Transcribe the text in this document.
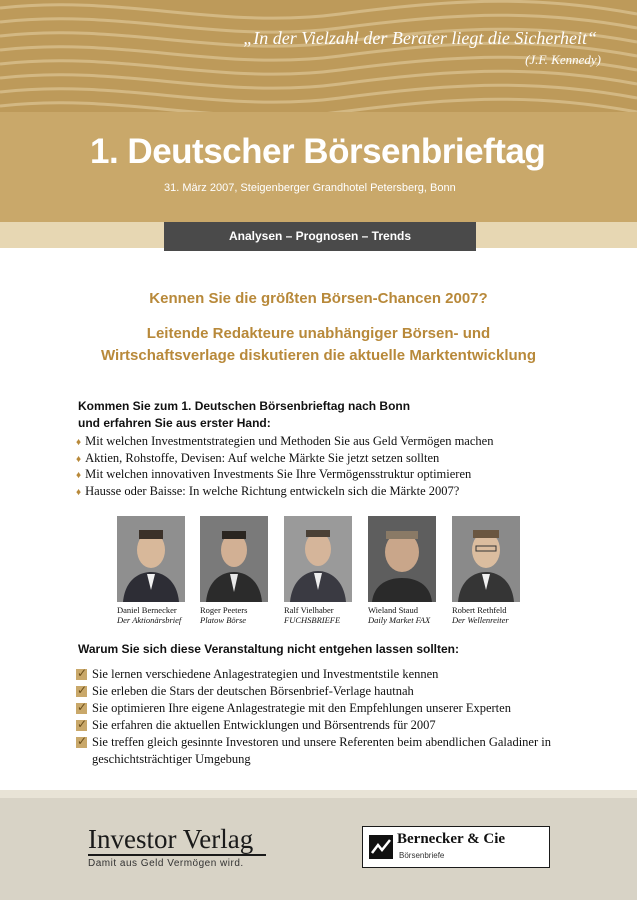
„In der Vielzahl der Berater liegt die Sicherheit“
(J.F. Kennedy)
1. Deutscher Börsenbrieftag
31. März 2007, Steigenberger Grandhotel Petersberg, Bonn
Analysen – Prognosen – Trends
Kennen Sie die größten Börsen-Chancen 2007?
Leitende Redakteure unabhängiger Börsen- und
Wirtschaftsverlage diskutieren die aktuelle Marktentwicklung
Kommen Sie zum 1. Deutschen Börsenbrieftag nach Bonn
und erfahren Sie aus erster Hand:
♦ Mit welchen Investmentstrategien und Methoden Sie aus Geld Vermögen machen
♦ Aktien, Rohstoffe, Devisen: Auf welche Märkte Sie jetzt setzen sollten
♦ Mit welchen innovativen Investments Sie Ihre Vermögensstruktur optimieren
♦ Hausse oder Baisse: In welche Richtung entwickeln sich die Märkte 2007?
Daniel Bernecker
Der Aktionärsbrief
Roger Peeters
Platow Börse
Ralf Vielhaber
FUCHSBRIEFE
Wieland Staud
Daily Market FAX
Robert Rethfeld
Der Wellenreiter
Warum Sie sich diese Veranstaltung nicht entgehen lassen sollten:
✓
Sie lernen verschiedene Anlagestrategien und Investmentstile kennen
✓
Sie erleben die Stars der deutschen Börsenbrief-Verlage hautnah
✓
Sie optimieren Ihre eigene Anlagestrategie mit den Empfehlungen unserer Experten
✓
Sie erfahren die aktuellen Entwicklungen und Börsentrends für 2007
✓
Sie treffen gleich gesinnte Investoren und unsere Referenten beim abendlichen Galadiner in geschichtsträchtiger Umgebung
Investor Verlag
Damit aus Geld Vermögen wird.
Bernecker & Cie
Börsenbriefe
